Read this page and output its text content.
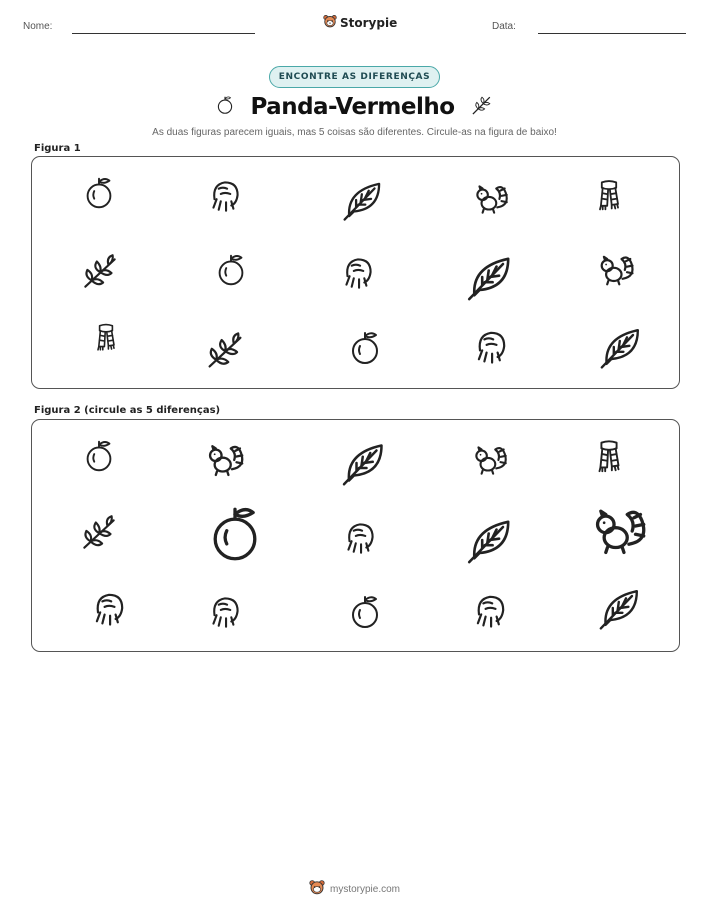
Nome:	Storypie	Data:
ENCONTRE AS DIFERENÇAS
Panda-Vermelho
As duas figuras parecem iguais, mas 5 coisas são diferentes. Circule-as na figura de baixo!
Figura 1
Figura 2 (circule as 5 diferenças)
mystorypie.com
